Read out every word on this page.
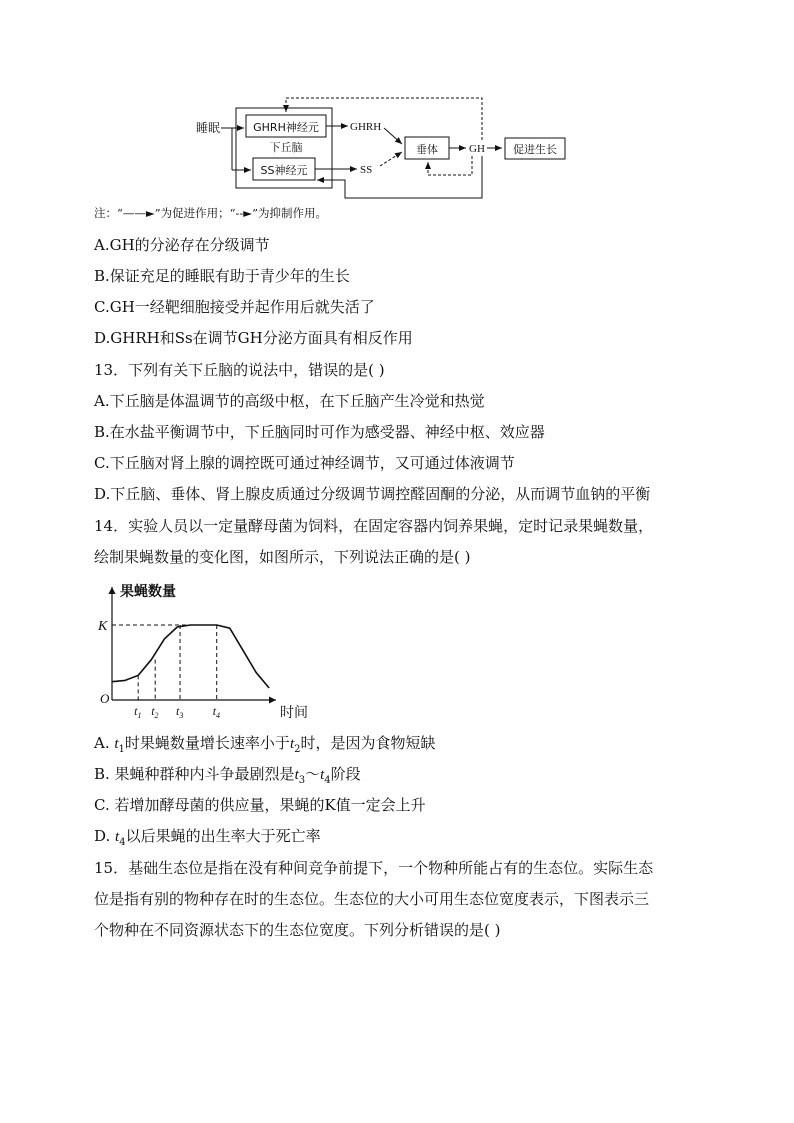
GHRH神经元
下丘脑
SS神经元
睡眠	GHRH
SS
垂体	GH	促进生长
注：“——►”为促进作用；“--►”为抑制作用。
A.GH的分泌存在分级调节
B.保证充足的睡眠有助于青少年的生长
C.GH一经靶细胞接受并起作用后就失活了
D.GHRH和Ss在调节GH分泌方面具有相反作用
13．下列有关下丘脑的说法中，错误的是( )
A.下丘脑是体温调节的高级中枢，在下丘脑产生冷觉和热觉
B.在水盐平衡调节中，下丘脑同时可作为感受器、神经中枢、效应器
C.下丘脑对肾上腺的调控既可通过神经调节，又可通过体液调节
D.下丘脑、垂体、肾上腺皮质通过分级调节调控醛固酮的分泌，从而调节血钠的平衡
14．实验人员以一定量酵母菌为饲料，在固定容器内饲养果蝇，定时记录果蝇数量，
绘制果蝇数量的变化图，如图所示，下列说法正确的是( )
果蝇数量
时间
O
K
$t_1$ $t_2$ $t_3$ $t_4$
A. $t_1$时果蝇数量增长速率小于$t_2$时，是因为食物短缺
B. 果蝇种群种内斗争最剧烈是$t_3\sim t_4$阶段
C. 若增加酵母菌的供应量，果蝇的K值一定会上升
D. $t_4$以后果蝇的出生率大于死亡率
15．基础生态位是指在没有种间竞争前提下，一个物种所能占有的生态位。实际生态
位是指有别的物种存在时的生态位。生态位的大小可用生态位宽度表示，下图表示三
个物种在不同资源状态下的生态位宽度。下列分析错误的是( )
